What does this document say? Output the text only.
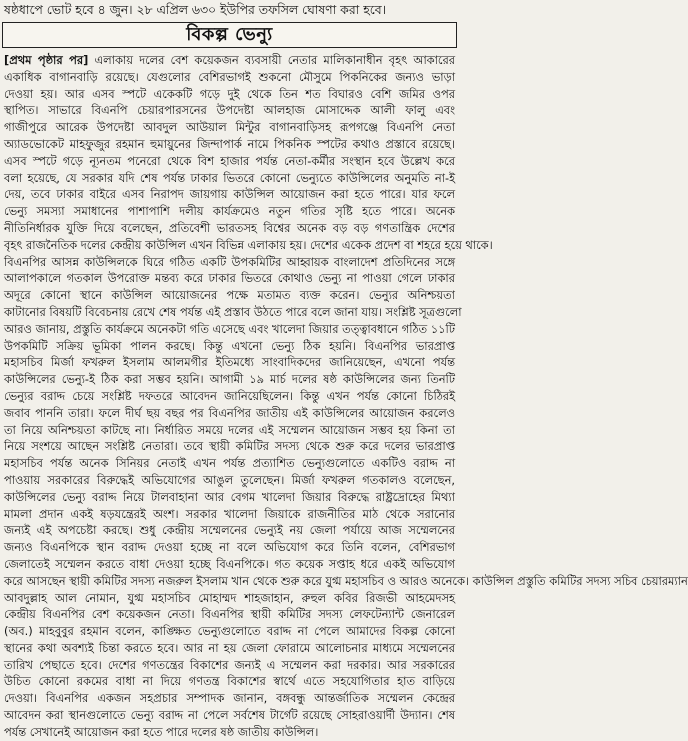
ষষ্ঠধাপে ভোট হবে ৪ জুন। ২৮ এপ্রিল ৬৩০ ইউপির তফসিল ঘোষণা করা হবে।
বিকল্প ভেন্যু
[প্রথম পৃষ্ঠার পর] এলাকায় দলের বেশ কয়েকজন ব্যবসায়ী নেতার মালিকানাধীন বৃহৎ আকারের
একাধিক বাগানবাড়ি রয়েছে। যেগুলোর বেশিরভাগই শুকনো মৌসুমে পিকনিকের জন্যও ভাড়া
দেওয়া হয়। আর এসব স্পটে একেকটি গড়ে দুই থেকে তিন শত বিঘারও বেশি জমির ওপর
স্থাপিত। সাভারে বিএনপি চেয়ারপারসনের উপদেষ্টা আলহাজ মোসাদ্দেক আলী ফালু এবং
গাজীপুরে আরেক উপদেষ্টা আবদুল আউয়াল মিন্টুর বাগানবাড়িসহ রূপগঞ্জে বিএনপি নেতা
অ্যাডভোকেট মাহফুজুর রহমান হুমায়ুনের জিন্দাপার্ক নামে পিকনিক স্পটের কথাও প্রস্তাবে রয়েছে।
এসব স্পটে গড়ে ন্যূনতম পনেরো থেকে বিশ হাজার পর্যন্ত নেতা-কর্মীর সংস্থান হবে উল্লেখ করে
বলা হয়েছে, যে সরকার যদি শেষ পর্যন্ত ঢাকার ভিতরে কোনো ভেন্যুতে কাউন্সিলের অনুমতি না-ই
দেয়, তবে ঢাকার বাইরে এসব নিরাপদ জায়গায় কাউন্সিল আয়োজন করা হতে পারে। যার ফলে
ভেন্যু সমস্যা সমাধানের পাশাপাশি দলীয় কার্যক্রমেও নতুন গতির সৃষ্টি হতে পারে। অনেক
নীতিনির্ধারক যুক্তি দিয়ে বলেছেন, প্রতিবেশী ভারতসহ বিশ্বের অনেক বড় বড় গণতান্ত্রিক দেশের
বৃহৎ রাজনৈতিক দলের কেন্দ্রীয় কাউন্সিল এখন বিভিন্ন এলাকায় হয়। দেশের একেক প্রদেশ বা শহরে হয়ে থাকে।
বিএনপির আসন্ন কাউন্সিলকে ঘিরে গঠিত একটি উপকমিটির আহ্বায়ক বাংলাদেশ প্রতিদিনের সঙ্গে
আলাপকালে গতকাল উপরোক্ত মন্তব্য করে ঢাকার ভিতরে কোথাও ভেন্যু না পাওয়া গেলে ঢাকার
অদূরে কোনো স্থানে কাউন্সিল আয়োজনের পক্ষে মতামত ব্যক্ত করেন। ভেন্যুর অনিশ্চয়তা
কাটানোর বিষয়টি বিবেচনায় রেখে শেষ পর্যন্ত এই প্রস্তাব উঠতে পারে বলে জানা যায়। সংশ্লিষ্ট সূত্রগুলো
আরও জানায়, প্রস্তুতি কার্যক্রমে অনেকটা গতি এসেছে এবং খালেদা জিয়ার তত্ত্বাবধানে গঠিত ১১টি
উপকমিটি সক্রিয় ভূমিকা পালন করছে। কিন্তু এখনো ভেন্যু ঠিক হয়নি। বিএনপির ভারপ্রাপ্ত
মহাসচিব মির্জা ফখরুল ইসলাম আলমগীর ইতিমধ্যে সাংবাদিকদের জানিয়েছেন, এখনো পর্যন্ত
কাউন্সিলের ভেন্যু-ই ঠিক করা সম্ভব হয়নি। আগামী ১৯ মার্চ দলের ষষ্ঠ কাউন্সিলের জন্য তিনটি
ভেন্যুর বরাদ্দ চেয়ে সংশ্লিষ্ট দফতরে আবেদন জানিয়েছিলেন। কিন্তু এখন পর্যন্ত কোনো চিঠিরই
জবাব পাননি তারা। ফলে দীর্ঘ ছয় বছর পর বিএনপির জাতীয় এই কাউন্সিলের আয়োজন করলেও
তা নিয়ে অনিশ্চয়তা কাটছে না। নির্ধারিত সময়ে দলের এই সম্মেলন আয়োজন সম্ভব হয় কিনা তা
নিয়ে সংশয়ে আছেন সংশ্লিষ্ট নেতারা। তবে স্থায়ী কমিটির সদস্য থেকে শুরু করে দলের ভারপ্রাপ্ত
মহাসচিব পর্যন্ত অনেক সিনিয়র নেতাই এখন পর্যন্ত প্রত্যাশিত ভেন্যুগুলোতে একটিও বরাদ্দ না
পাওয়ায় সরকারের বিরুদ্ধেই অভিযোগের আঙুল তুলেছেন। মির্জা ফখরুল গতকালও বলেছেন,
কাউন্সিলের ভেন্যু বরাদ্দ নিয়ে টালবাহানা আর বেগম খালেদা জিয়ার বিরুদ্ধে রাষ্ট্রদ্রোহের মিথ্যা
মামলা প্রদান একই ষড়যন্ত্রেরই অংশ। সরকার খালেদা জিয়াকে রাজনীতির মাঠ থেকে সরানোর
জন্যই এই অপচেষ্টা করছে। শুধু কেন্দ্রীয় সম্মেলনের ভেন্যুই নয় জেলা পর্যায়ে আজ সম্মেলনের
জন্যও বিএনপিকে স্থান বরাদ্দ দেওয়া হচ্ছে না বলে অভিযোগ করে তিনি বলেন, বেশিরভাগ
জেলাতেই সম্মেলন করতে বাধা দেওয়া হচ্ছে বিএনপিকে। গত কয়েক সপ্তাহ ধরে একই অভিযোগ
করে আসছেন স্থায়ী কমিটির সদস্য নজরুল ইসলাম খান থেকে শুরু করে যুগ্ম মহাসচিব ও আরও অনেকে। কাউন্সিল প্রস্তুতি কমিটির সদস্য সচিব চেয়ারম্যান
আবদুল্লাহ আল নোমান, যুগ্ম মহাসচিব মোহাম্মদ শাহজাহান, রুহুল কবির রিজভী আহমেদসহ
কেন্দ্রীয় বিএনপির বেশ কয়েকজন নেতা। বিএনপির স্থায়ী কমিটির সদস্য লেফটেন্যান্ট জেনারেল
(অব.) মাহবুবুর রহমান বলেন, কাঙ্ক্ষিত ভেন্যুগুলোতে বরাদ্দ না পেলে আমাদের বিকল্প কোনো
স্থানের কথা অবশ্যই চিন্তা করতে হবে। আর না হয় জেলা ফোরামে আলোচনার মাধ্যমে সম্মেলনের
তারিখ পেছাতে হবে। দেশের গণতন্ত্রের বিকাশের জন্যই এ সম্মেলন করা দরকার। আর সরকারের
উচিত কোনো রকমের বাধা না দিয়ে গণতন্ত্র বিকাশের স্বার্থে এতে সহযোগিতার হাত বাড়িয়ে
দেওয়া। বিএনপির একজন সহপ্রচার সম্পাদক জানান, বঙ্গবন্ধু আন্তর্জাতিক সম্মেলন কেন্দ্রের
আবেদন করা স্থানগুলোতে ভেন্যু বরাদ্দ না পেলে সর্বশেষ টার্গেট রয়েছে সোহরাওয়ার্দী উদ্যান। শেষ
পর্যন্ত সেখানেই আয়োজন করা হতে পারে দলের ষষ্ঠ জাতীয় কাউন্সিল।
